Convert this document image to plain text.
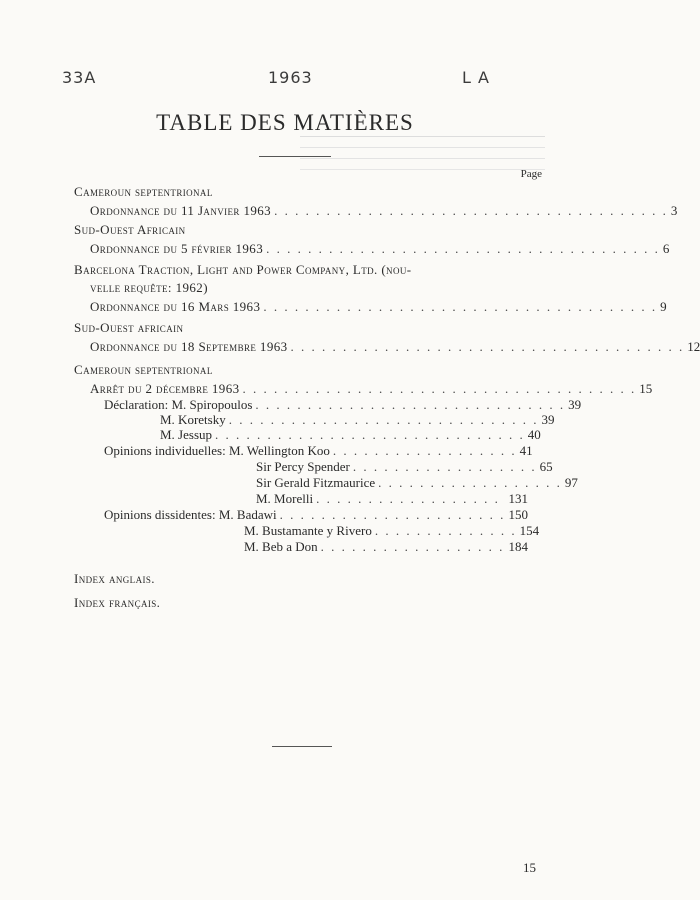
33A	1963	L A
TABLE DES MATIÈRES
Page
Cameroun septentrional
Ordonnance du 11 Janvier 1963 . . . . . . . . . . . . . . . . . . . . . . . . . . . . . . . . . . . . . . 3
Sud-Ouest Africain
Ordonnance du 5 février 1963 . . . . . . . . . . . . . . . . . . . . . . . . . . . . . . . . . . . . . . 6
Barcelona Traction, Light and Power Company, Ltd. (nou-
velle requête: 1962)
Ordonnance du 16 Mars 1963 . . . . . . . . . . . . . . . . . . . . . . . . . . . . . . . . . . . . . . 9
Sud-Ouest africain
Ordonnance du 18 Septembre 1963 . . . . . . . . . . . . . . . . . . . . . . . . . . . . . . . . . . . . . . 12
Cameroun septentrional
Arrêt du 2 décembre 1963 . . . . . . . . . . . . . . . . . . . . . . . . . . . . . . . . . . . . . . 15
Déclaration: M. Spiropoulos . . . . . . . . . . . . . . . . . . . . . . . . . . . . . . 39
M. Koretsky . . . . . . . . . . . . . . . . . . . . . . . . . . . . . . 39
M. Jessup . . . . . . . . . . . . . . . . . . . . . . . . . . . . . . 40
Opinions individuelles: M. Wellington Koo . . . . . . . . . . . . . . . . . . 41
Sir Percy Spender . . . . . . . . . . . . . . . . . . 65
Sir Gerald Fitzmaurice . . . . . . . . . . . . . . . . . . 97
M. Morelli . . . . . . . . . . . . . . . . . . 131
Opinions dissidentes: M. Badawi . . . . . . . . . . . . . . . . . . . . . . 150
M. Bustamante y Rivero . . . . . . . . . . . . . . 154
M. Beb a Don . . . . . . . . . . . . . . . . . . 184
Index anglais.
Index français.
15
